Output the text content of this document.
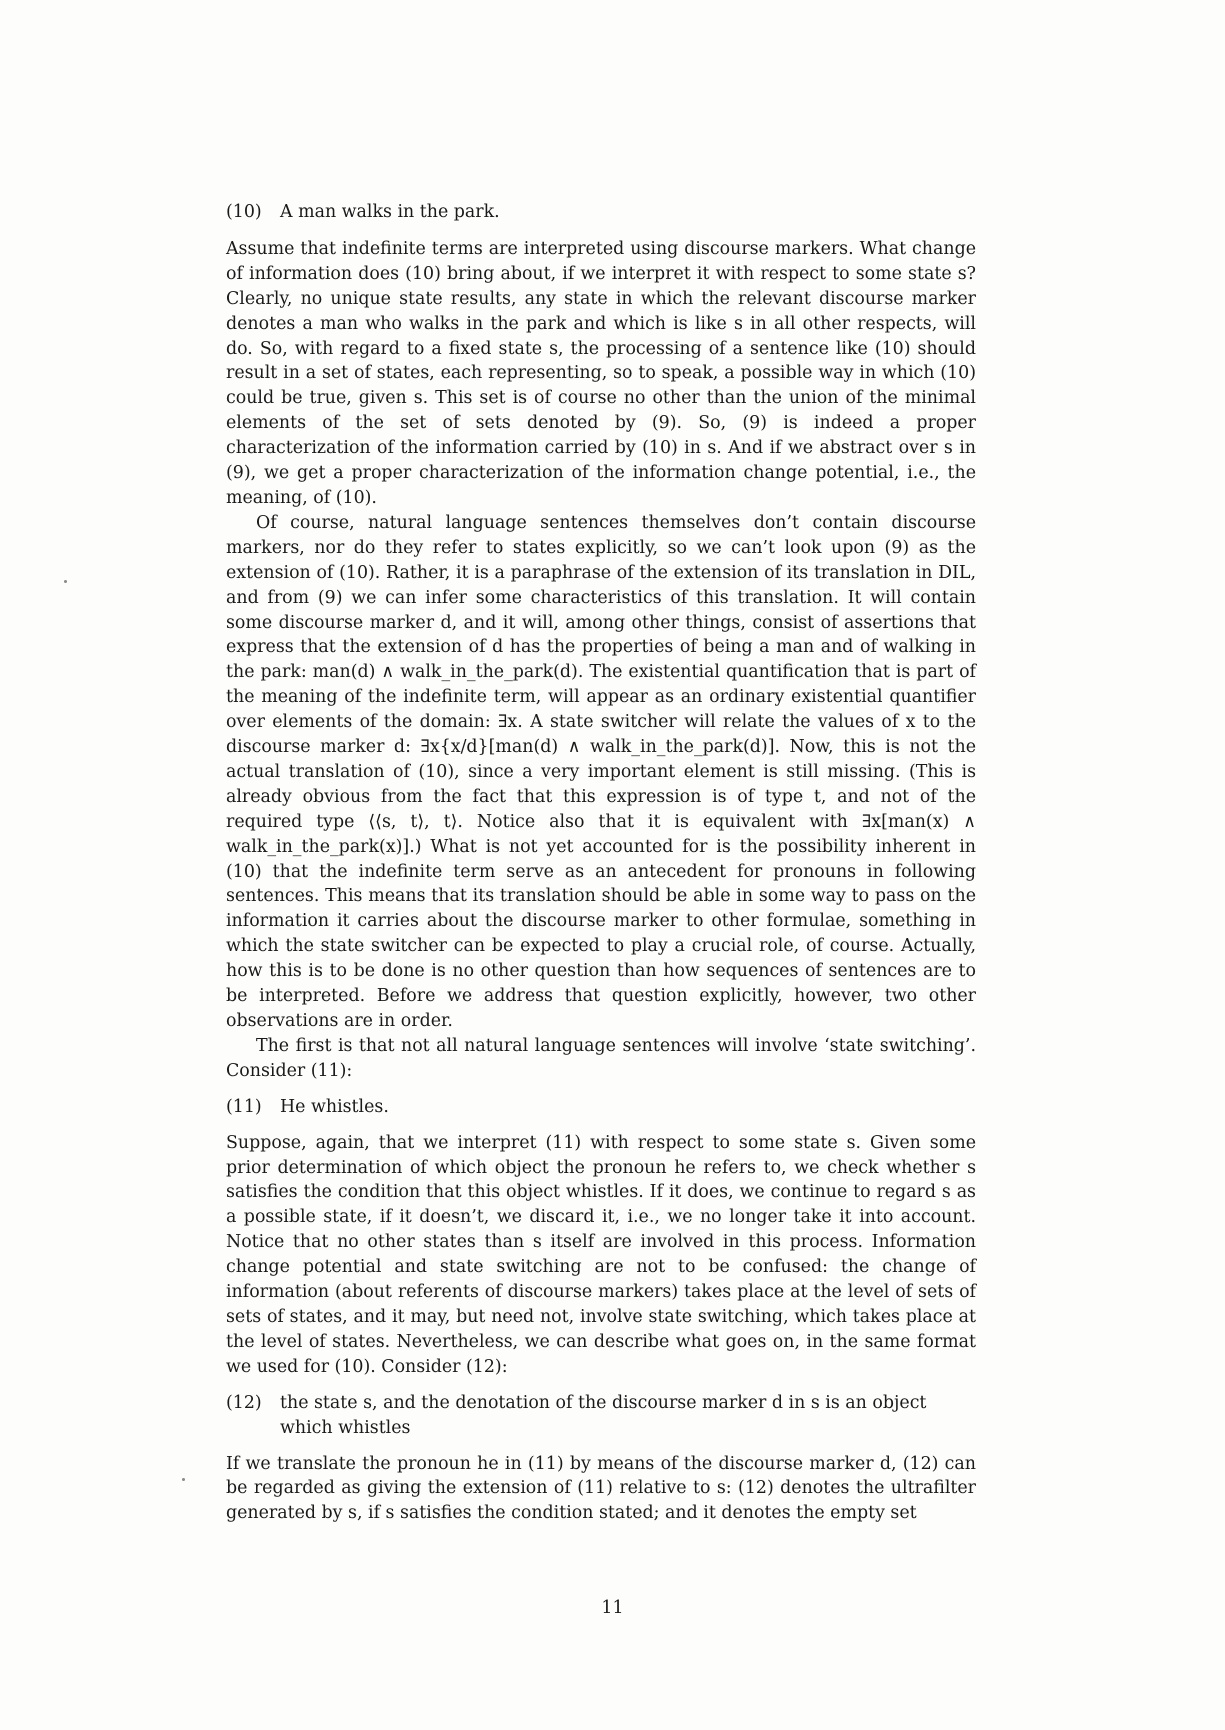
(10)	A man walks in the park.

Assume that indefinite terms are interpreted using discourse markers. What change of information does (10) bring about, if we interpret it with respect to some state s? Clearly, no unique state results, any state in which the relevant discourse marker denotes a man who walks in the park and which is like s in all other respects, will do. So, with regard to a fixed state s, the processing of a sentence like (10) should result in a set of states, each representing, so to speak, a possible way in which (10) could be true, given s. This set is of course no other than the union of the minimal elements of the set of sets denoted by (9). So, (9) is indeed a proper characterization of the information carried by (10) in s. And if we abstract over s in (9), we get a proper characterization of the information change potential, i.e., the meaning, of (10).

Of course, natural language sentences themselves don’t contain discourse markers, nor do they refer to states explicitly, so we can’t look upon (9) as the extension of (10). Rather, it is a paraphrase of the extension of its translation in DIL, and from (9) we can infer some characteristics of this translation. It will contain some discourse marker d, and it will, among other things, consist of assertions that express that the extension of d has the properties of being a man and of walking in the park: man(d) ∧ walk_in_the_park(d). The existential quantification that is part of the meaning of the indefinite term, will appear as an ordinary existential quantifier over elements of the domain: ∃x. A state switcher will relate the values of x to the discourse marker d: ∃x{x/d}[man(d) ∧ walk_in_the_park(d)]. Now, this is not the actual translation of (10), since a very important element is still missing. (This is already obvious from the fact that this expression is of type t, and not of the required type ⟨⟨s, t⟩, t⟩. Notice also that it is equivalent with ∃x[man(x) ∧ walk_in_the_park(x)].) What is not yet accounted for is the possibility inherent in (10) that the indefinite term serve as an antecedent for pronouns in following sentences. This means that its translation should be able in some way to pass on the information it carries about the discourse marker to other formulae, something in which the state switcher can be expected to play a crucial role, of course. Actually, how this is to be done is no other question than how sequences of sentences are to be interpreted. Before we address that question explicitly, however, two other observations are in order.

The first is that not all natural language sentences will involve ‘state switching’. Consider (11):

(11)	He whistles.

Suppose, again, that we interpret (11) with respect to some state s. Given some prior determination of which object the pronoun he refers to, we check whether s satisfies the condition that this object whistles. If it does, we continue to regard s as a possible state, if it doesn’t, we discard it, i.e., we no longer take it into account. Notice that no other states than s itself are involved in this process. Information change potential and state switching are not to be confused: the change of information (about referents of discourse markers) takes place at the level of sets of sets of states, and it may, but need not, involve state switching, which takes place at the level of states. Nevertheless, we can describe what goes on, in the same format we used for (10). Consider (12):

(12)	the state s, and the denotation of the discourse marker d in s is an object which whistles

If we translate the pronoun he in (11) by means of the discourse marker d, (12) can be regarded as giving the extension of (11) relative to s: (12) denotes the ultrafilter generated by s, if s satisfies the condition stated; and it denotes the empty set

11
